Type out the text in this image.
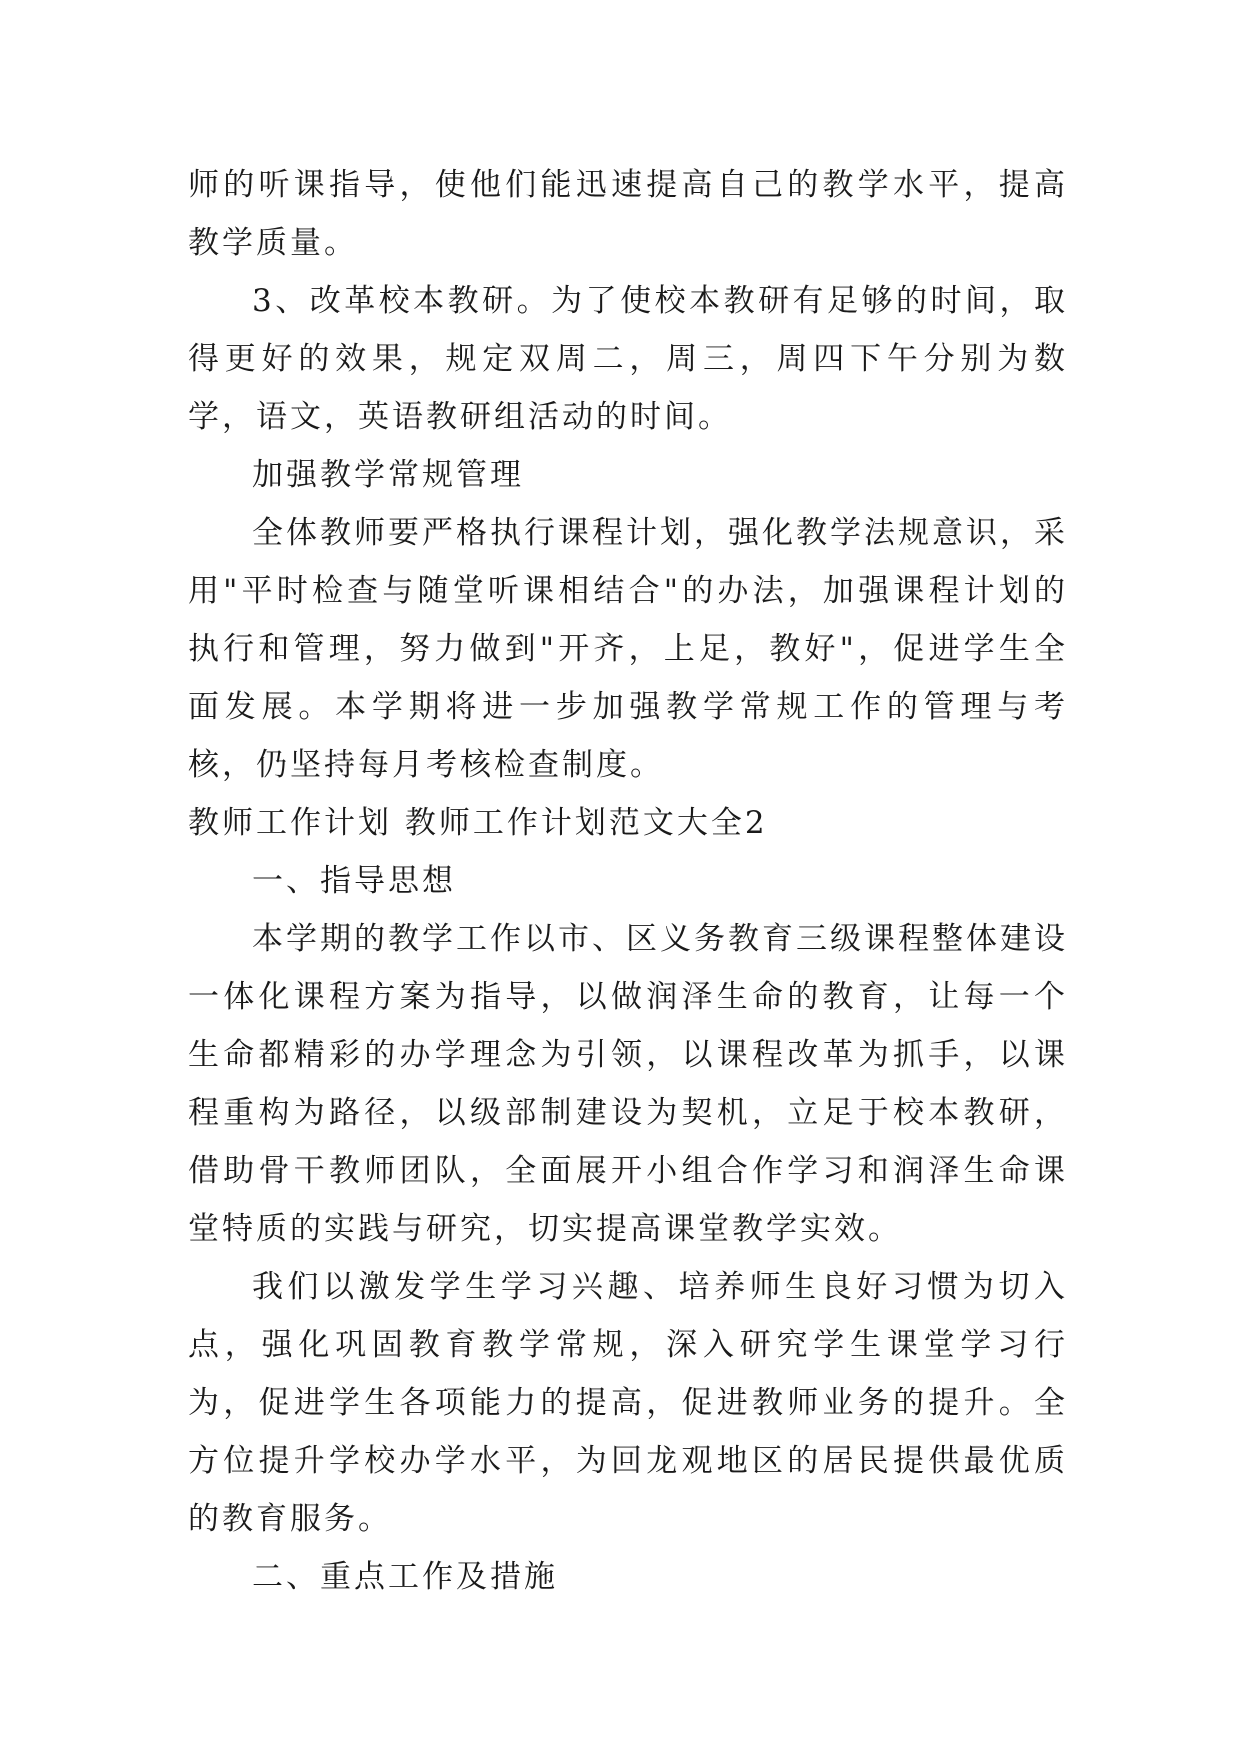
师的听课指导，使他们能迅速提高自己的教学水平，提高教学质量。

3、改革校本教研。为了使校本教研有足够的时间，取得更好的效果，规定双周二，周三，周四下午分别为数学，语文，英语教研组活动的时间。

加强教学常规管理

全体教师要严格执行课程计划，强化教学法规意识，采用"平时检查与随堂听课相结合"的办法，加强课程计划的执行和管理，努力做到"开齐，上足，教好"，促进学生全面发展。本学期将进一步加强教学常规工作的管理与考核，仍坚持每月考核检查制度。

教师工作计划 教师工作计划范文大全2

一、指导思想

本学期的教学工作以市、区义务教育三级课程整体建设一体化课程方案为指导，以做润泽生命的教育，让每一个生命都精彩的办学理念为引领，以课程改革为抓手，以课程重构为路径，以级部制建设为契机，立足于校本教研，借助骨干教师团队，全面展开小组合作学习和润泽生命课堂特质的实践与研究，切实提高课堂教学实效。

我们以激发学生学习兴趣、培养师生良好习惯为切入点，强化巩固教育教学常规，深入研究学生课堂学习行为，促进学生各项能力的提高，促进教师业务的提升。全方位提升学校办学水平，为回龙观地区的居民提供最优质的教育服务。

二、重点工作及措施
